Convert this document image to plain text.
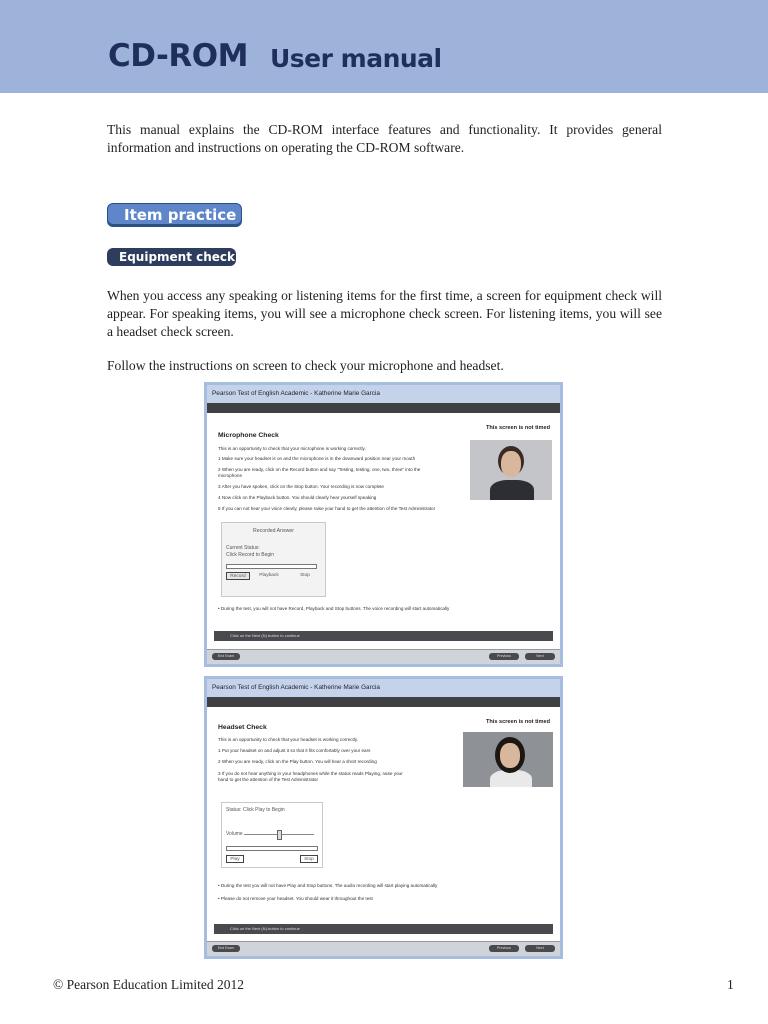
CD-ROM User manual

This manual explains the CD-ROM interface features and functionality. It provides general information and instructions on operating the CD-ROM software.

Item practice
Equipment check

When you access any speaking or listening items for the first time, a screen for equipment check will appear. For speaking items, you will see a microphone check screen. For listening items, you will see a headset check screen.

Follow the instructions on screen to check your microphone and headset.

Pearson Test of English Academic - Katherine Marie Garcia
This screen is not timed
Microphone Check
This is an opportunity to check that your microphone is working correctly.
1 Make sure your headset is on and the microphone is in the downward position near your mouth
2 When you are ready, click on the Record button and say "Testing, testing, one, two, three" into the
microphone
3 After you have spoken, click on the Stop button. Your recording is now complete
4 Now click on the Playback button. You should clearly hear yourself speaking
5 If you can not hear your voice clearly, please raise your hand to get the attention of the Test Administrator
Recorded Answer
Current Status:
Click Record to Begin
Record	Playback	Stop
• During the test, you will not have Record, Playback and Stop buttons. The voice recording will start automatically
Click on the Next (N) button to continue
End Exam	Previous	Next
Pearson Test of English Academic - Katherine Marie Garcia
This screen is not timed
Headset Check
This is an opportunity to check that your headset is working correctly.
1 Put your headset on and adjust it so that it fits comfortably over your ears
2 When you are ready, click on the Play button. You will hear a short recording
3 If you do not hear anything in your headphones while the status reads Playing, raise your
hand to get the attention of the Test Administrator
Status: Click Play to Begin
Volume
Play	Stop
• During the test you will not have Play and Stop buttons. The audio recording will start playing automatically
• Please do not remove your headset. You should wear it throughout the test
Click on the Next (N) button to continue
End Exam	Previous	Next
© Pearson Education Limited 2012	1
